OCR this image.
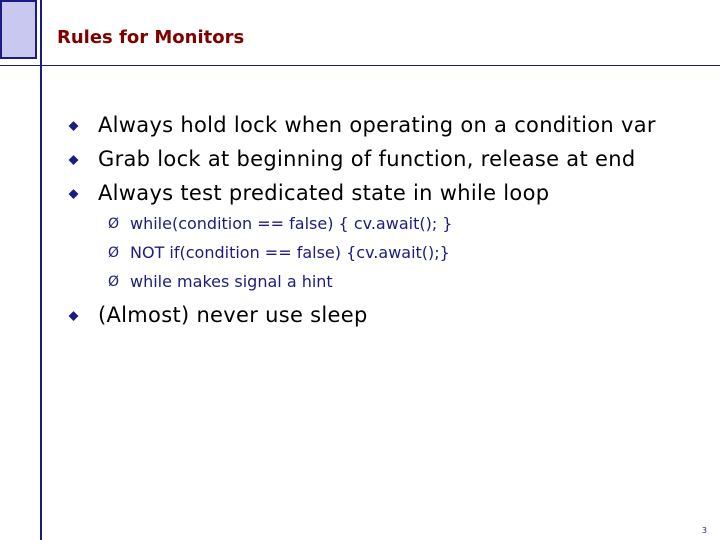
Rules for Monitors
Always hold lock when operating on a condition var
Grab lock at beginning of function, release at end
Always test predicated state in while loop
Ø while(condition == false) { cv.await(); }
Ø NOT if(condition == false) {cv.await();}
Ø while makes signal a hint
(Almost) never use sleep
3
